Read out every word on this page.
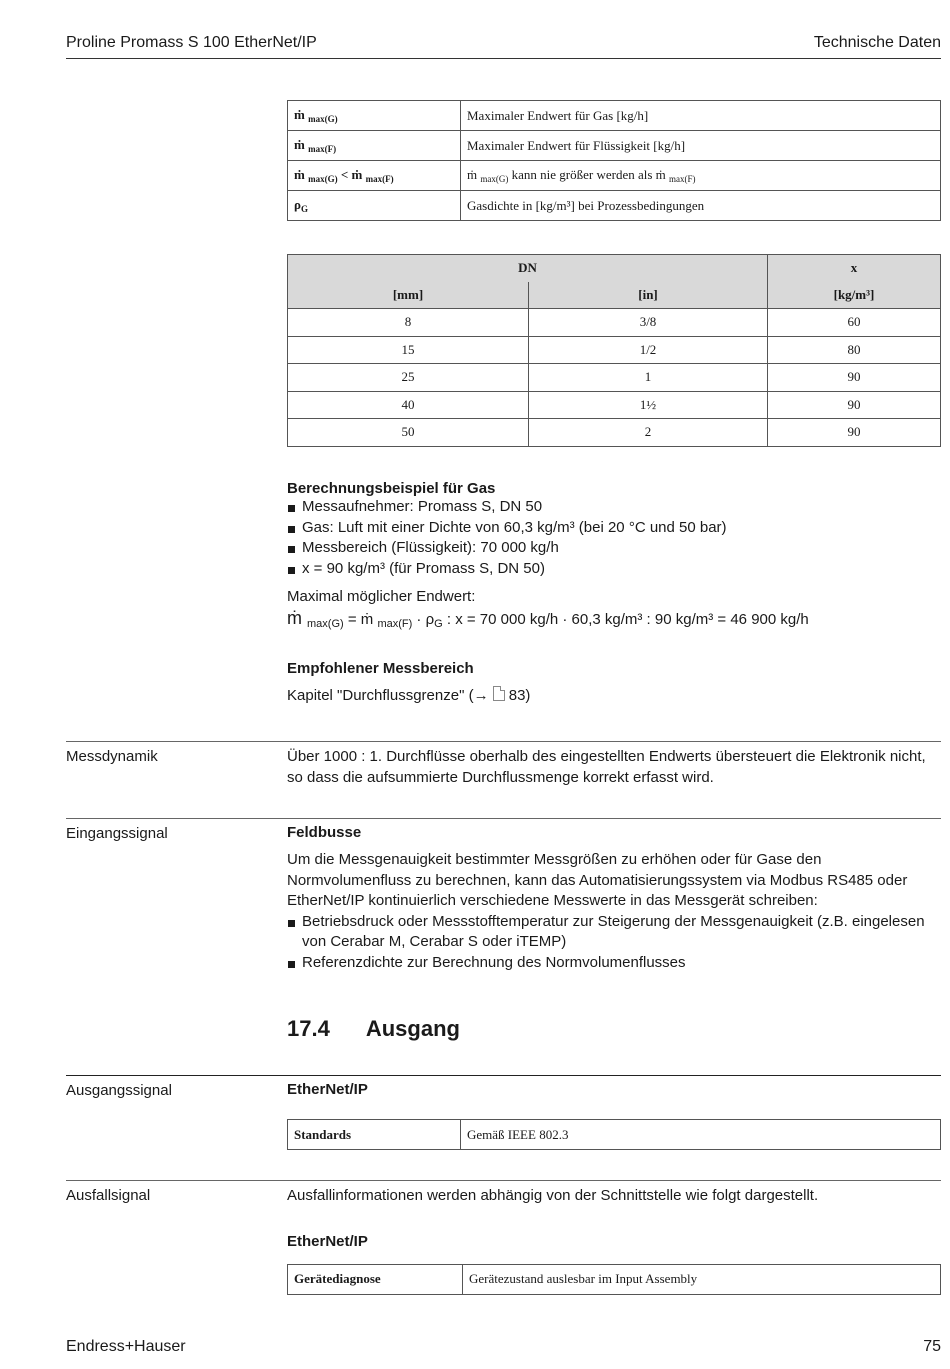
Proline Promass S 100 EtherNet/IP	Technische Daten
ṁ $_{max(G)}$	Maximaler Endwert für Gas [kg/h]
ṁ $_{max(F)}$	Maximaler Endwert für Flüssigkeit [kg/h]
ṁ $_{max(G)}$ < ṁ $_{max(F)}$	ṁ $_{max(G)}$ kann nie größer werden als ṁ $_{max(F)}$
$\rho_G$	Gasdichte in [kg/m³] bei Prozessbedingungen
DN		x
[mm]	[in]	[kg/m³]
8	3/8	60
15	1/2	80
25	1	90
40	1½	90
50	2	90
Berechnungsbeispiel für Gas
Messaufnehmer: Promass S, DN 50
Gas: Luft mit einer Dichte von 60,3 kg/m³ (bei 20 °C und 50 bar)
Messbereich (Flüssigkeit): 70 000 kg/h
x = 90 kg/m³ (für Promass S, DN 50)
Maximal möglicher Endwert:
ṁ $_{max(G)}$ = ṁ $_{max(F)} \cdot \rho_G$ : x = 70 000 kg/h · 60,3 kg/m³ : 90 kg/m³ = 46 900 kg/h
Empfohlener Messbereich
Kapitel "Durchflussgrenze" (→
83)
Messdynamik	Über 1000 : 1. Durchflüsse oberhalb des eingestellten Endwerts übersteuert die Elektronik nicht, so dass die aufsummierte Durchflussmenge korrekt erfasst wird.
Eingangssignal	Feldbusse
Um die Messgenauigkeit bestimmter Messgrößen zu erhöhen oder für Gase den Normvolumenfluss zu berechnen, kann das Automatisierungssystem via Modbus RS485 oder EtherNet/IP kontinuierlich verschiedene Messwerte in das Messgerät schreiben:
Betriebsdruck oder Messstofftemperatur zur Steigerung der Messgenauigkeit (z.B. eingelesen von Cerabar M, Cerabar S oder iTEMP)
Referenzdichte zur Berechnung des Normvolumenflusses
17.4 Ausgang
Ausgangssignal	EtherNet/IP
Standards	Gemäß IEEE 802.3
Ausfallsignal	Ausfallinformationen werden abhängig von der Schnittstelle wie folgt dargestellt.
EtherNet/IP
Gerätediagnose	Gerätezustand auslesbar im Input Assembly
Endress+Hauser	75
